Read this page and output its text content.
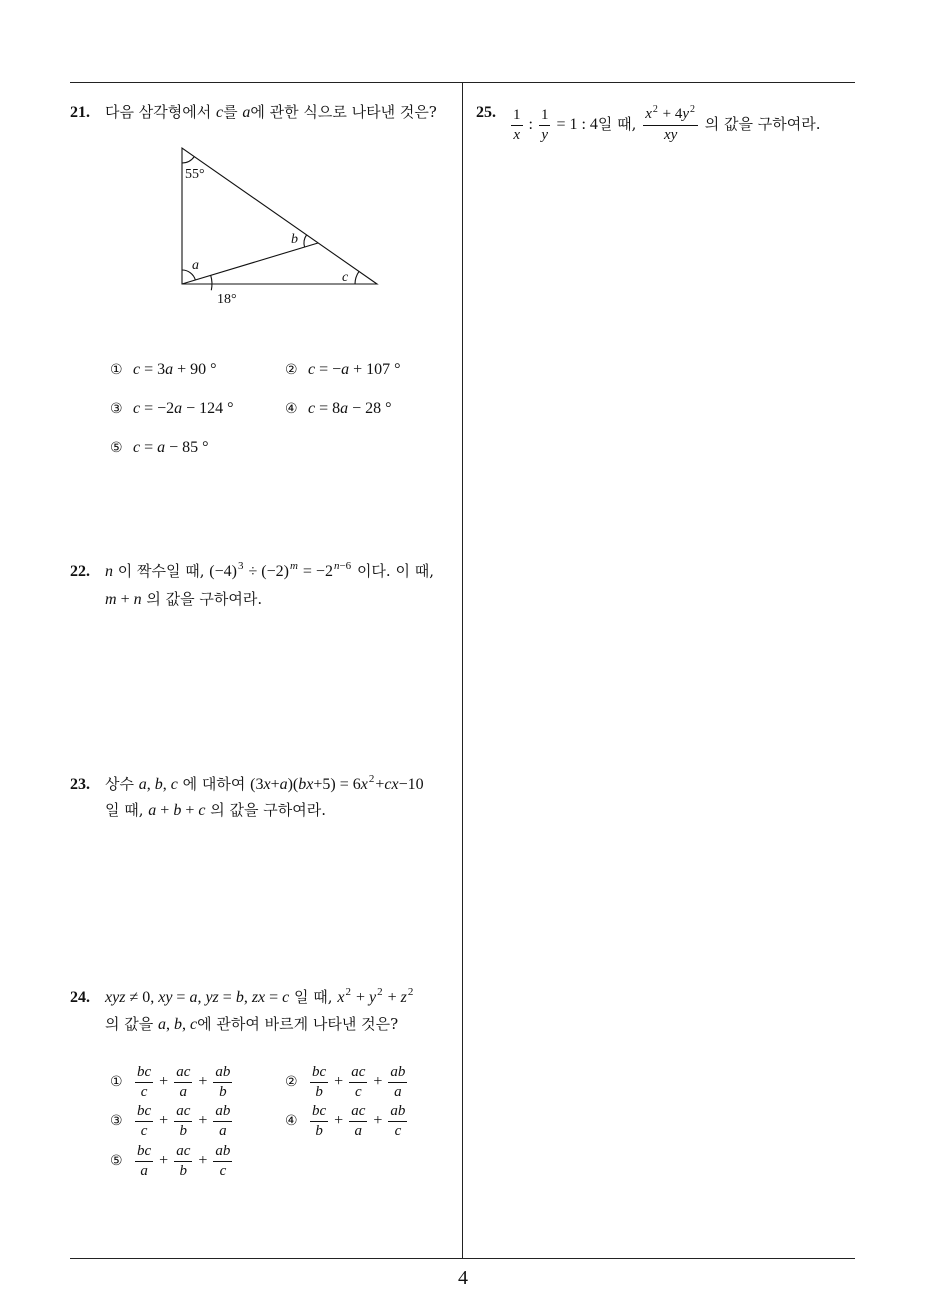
21. 다음 삼각형에서 c를 a에 관한 식으로 나타낸 것은?
55°
b
a
c
18°
① c = 3a + 90 °	② c = −a + 107 °
③ c = −2a − 124 °	④ c = 8a − 28 °
⑤ c = a − 85 °
22. n 이 짝수일 때, $(-4)^3 \div (-2)^m = -2^{n-6}$ 이다. 이 때,
m + n 의 값을 구하여라.
23. 상수 a, b, c 에 대하여 $(3x+a)(bx+5) = 6x^2+cx-10$
일 때, a + b + c 의 값을 구하여라.
24. xyz ≠ 0, xy = a, yz = b, zx = c 일 때, $x^2 + y^2 + z^2$
의 값을 a, b, c에 관하여 바르게 나타낸 것은?
① $\frac{bc}{c} + \frac{ac}{a} + \frac{ab}{b}$	② $\frac{bc}{b} + \frac{ac}{c} + \frac{ab}{a}$
③ $\frac{bc}{c} + \frac{ac}{b} + \frac{ab}{a}$	④ $\frac{bc}{b} + \frac{ac}{a} + \frac{ab}{c}$
⑤ $\frac{bc}{a} + \frac{ac}{b} + \frac{ab}{c}$
25. $\frac{1}{x}$ : $\frac{1}{y} = 1$ : 4일 때, $\frac{x^2 + 4y^2}{xy}$ 의 값을 구하여라.
4
